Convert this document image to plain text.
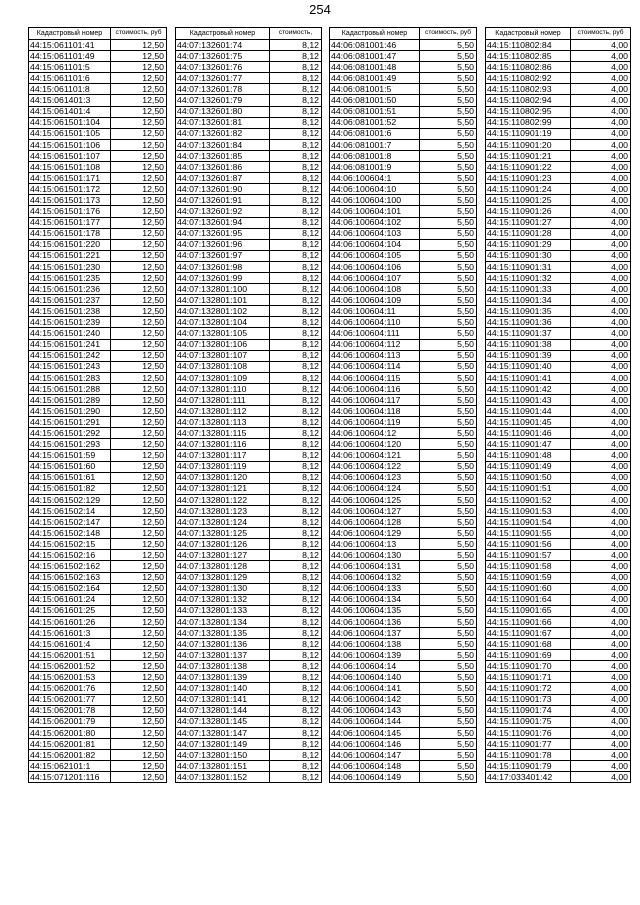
254
Кадастровый номер	стоимость, руб
44:15:061101:41	12,50
44:15:061101:49	12,50
44:15:061101:5	12,50
44:15:061101:6	12,50
44:15:061101:8	12,50
44:15:061401:3	12,50
44:15:061401:4	12,50
44:15:061501:104	12,50
44:15:061501:105	12,50
44:15:061501:106	12,50
44:15:061501:107	12,50
44:15:061501:108	12,50
44:15:061501:171	12,50
44:15:061501:172	12,50
44:15:061501:173	12,50
44:15:061501:176	12,50
44:15:061501:177	12,50
44:15:061501:178	12,50
44:15:061501:220	12,50
44:15:061501:221	12,50
44:15:061501:230	12,50
44:15:061501:235	12,50
44:15:061501:236	12,50
44:15:061501:237	12,50
44:15:061501:238	12,50
44:15:061501:239	12,50
44:15:061501:240	12,50
44:15:061501:241	12,50
44:15:061501:242	12,50
44:15:061501:243	12,50
44:15:061501:283	12,50
44:15:061501:288	12,50
44:15:061501:289	12,50
44:15:061501:290	12,50
44:15:061501:291	12,50
44:15:061501:292	12,50
44:15:061501:293	12,50
44:15:061501:59	12,50
44:15:061501:60	12,50
44:15:061501:61	12,50
44:15:061501:82	12,50
44:15:061502:129	12,50
44:15:061502:14	12,50
44:15:061502:147	12,50
44:15:061502:148	12,50
44:15:061502:15	12,50
44:15:061502:16	12,50
44:15:061502:162	12,50
44:15:061502:163	12,50
44:15:061502:164	12,50
44:15:061601:24	12,50
44:15:061601:25	12,50
44:15:061601:26	12,50
44:15:061601:3	12,50
44:15:061601:4	12,50
44:15:062001:51	12,50
44:15:062001:52	12,50
44:15:062001:53	12,50
44:15:062001:76	12,50
44:15:062001:77	12,50
44:15:062001:78	12,50
44:15:062001:79	12,50
44:15:062001:80	12,50
44:15:062001:81	12,50
44:15:062001:82	12,50
44:15:062101:1	12,50
44:15:071201:116	12,50
Кадастровый номер	стоимость,
44:07:132601:74	8,12
44:07:132601:75	8,12
44:07:132601:76	8,12
44:07:132601:77	8,12
44:07:132601:78	8,12
44:07:132601:79	8,12
44:07:132601:80	8,12
44:07:132601:81	8,12
44:07:132601:82	8,12
44:07:132601:84	8,12
44:07:132601:85	8,12
44:07:132601:86	8,12
44:07:132601:87	8,12
44:07:132601:90	8,12
44:07:132601:91	8,12
44:07:132601:92	8,12
44:07:132601:94	8,12
44:07:132601:95	8,12
44:07:132601:96	8,12
44:07:132601:97	8,12
44:07:132601:98	8,12
44:07:132601:99	8,12
44:07:132801:100	8,12
44:07:132801:101	8,12
44:07:132801:102	8,12
44:07:132801:104	8,12
44:07:132801:105	8,12
44:07:132801:106	8,12
44:07:132801:107	8,12
44:07:132801:108	8,12
44:07:132801:109	8,12
44:07:132801:110	8,12
44:07:132801:111	8,12
44:07:132801:112	8,12
44:07:132801:113	8,12
44:07:132801:115	8,12
44:07:132801:116	8,12
44:07:132801:117	8,12
44:07:132801:119	8,12
44:07:132801:120	8,12
44:07:132801:121	8,12
44:07:132801:122	8,12
44:07:132801:123	8,12
44:07:132801:124	8,12
44:07:132801:125	8,12
44:07:132801:126	8,12
44:07:132801:127	8,12
44:07:132801:128	8,12
44:07:132801:129	8,12
44:07:132801:130	8,12
44:07:132801:132	8,12
44:07:132801:133	8,12
44:07:132801:134	8,12
44:07:132801:135	8,12
44:07:132801:136	8,12
44:07:132801:137	8,12
44:07:132801:138	8,12
44:07:132801:139	8,12
44:07:132801:140	8,12
44:07:132801:141	8,12
44:07:132801:144	8,12
44:07:132801:145	8,12
44:07:132801:147	8,12
44:07:132801:149	8,12
44:07:132801:150	8,12
44:07:132801:151	8,12
44:07:132801:152	8,12
Кадастровый номер	стоимость, руб
44:06:081001:46	5,50
44:06:081001:47	5,50
44:06:081001:48	5,50
44:06:081001:49	5,50
44:06:081001:5	5,50
44:06:081001:50	5,50
44:06:081001:51	5,50
44:06:081001:52	5,50
44:06:081001:6	5,50
44:06:081001:7	5,50
44:06:081001:8	5,50
44:06:081001:9	5,50
44:06:100604:1	5,50
44:06:100604:10	5,50
44:06:100604:100	5,50
44:06:100604:101	5,50
44:06:100604:102	5,50
44:06:100604:103	5,50
44:06:100604:104	5,50
44:06:100604:105	5,50
44:06:100604:106	5,50
44:06:100604:107	5,50
44:06:100604:108	5,50
44:06:100604:109	5,50
44:06:100604:11	5,50
44:06:100604:110	5,50
44:06:100604:111	5,50
44:06:100604:112	5,50
44:06:100604:113	5,50
44:06:100604:114	5,50
44:06:100604:115	5,50
44:06:100604:116	5,50
44:06:100604:117	5,50
44:06:100604:118	5,50
44:06:100604:119	5,50
44:06:100604:12	5,50
44:06:100604:120	5,50
44:06:100604:121	5,50
44:06:100604:122	5,50
44:06:100604:123	5,50
44:06:100604:124	5,50
44:06:100604:125	5,50
44:06:100604:127	5,50
44:06:100604:128	5,50
44:06:100604:129	5,50
44:06:100604:13	5,50
44:06:100604:130	5,50
44:06:100604:131	5,50
44:06:100604:132	5,50
44:06:100604:133	5,50
44:06:100604:134	5,50
44:06:100604:135	5,50
44:06:100604:136	5,50
44:06:100604:137	5,50
44:06:100604:138	5,50
44:06:100604:139	5,50
44:06:100604:14	5,50
44:06:100604:140	5,50
44:06:100604:141	5,50
44:06:100604:142	5,50
44:06:100604:143	5,50
44:06:100604:144	5,50
44:06:100604:145	5,50
44:06:100604:146	5,50
44:06:100604:147	5,50
44:06:100604:148	5,50
44:06:100604:149	5,50
Кадастровый номер	стоимость, руб
44:15:110802:84	4,00
44:15:110802:85	4,00
44:15:110802:86	4,00
44:15:110802:92	4,00
44:15:110802:93	4,00
44:15:110802:94	4,00
44:15:110802:95	4,00
44:15:110802:99	4,00
44:15:110901:19	4,00
44:15:110901:20	4,00
44:15:110901:21	4,00
44:15:110901:22	4,00
44:15:110901:23	4,00
44:15:110901:24	4,00
44:15:110901:25	4,00
44:15:110901:26	4,00
44:15:110901:27	4,00
44:15:110901:28	4,00
44:15:110901:29	4,00
44:15:110901:30	4,00
44:15:110901:31	4,00
44:15:110901:32	4,00
44:15:110901:33	4,00
44:15:110901:34	4,00
44:15:110901:35	4,00
44:15:110901:36	4,00
44:15:110901:37	4,00
44:15:110901:38	4,00
44:15:110901:39	4,00
44:15:110901:40	4,00
44:15:110901:41	4,00
44:15:110901:42	4,00
44:15:110901:43	4,00
44:15:110901:44	4,00
44:15:110901:45	4,00
44:15:110901:46	4,00
44:15:110901:47	4,00
44:15:110901:48	4,00
44:15:110901:49	4,00
44:15:110901:50	4,00
44:15:110901:51	4,00
44:15:110901:52	4,00
44:15:110901:53	4,00
44:15:110901:54	4,00
44:15:110901:55	4,00
44:15:110901:56	4,00
44:15:110901:57	4,00
44:15:110901:58	4,00
44:15:110901:59	4,00
44:15:110901:60	4,00
44:15:110901:64	4,00
44:15:110901:65	4,00
44:15:110901:66	4,00
44:15:110901:67	4,00
44:15:110901:68	4,00
44:15:110901:69	4,00
44:15:110901:70	4,00
44:15:110901:71	4,00
44:15:110901:72	4,00
44:15:110901:73	4,00
44:15:110901:74	4,00
44:15:110901:75	4,00
44:15:110901:76	4,00
44:15:110901:77	4,00
44:15:110901:78	4,00
44:15:110901:79	4,00
44:17:033401:42	4,00
